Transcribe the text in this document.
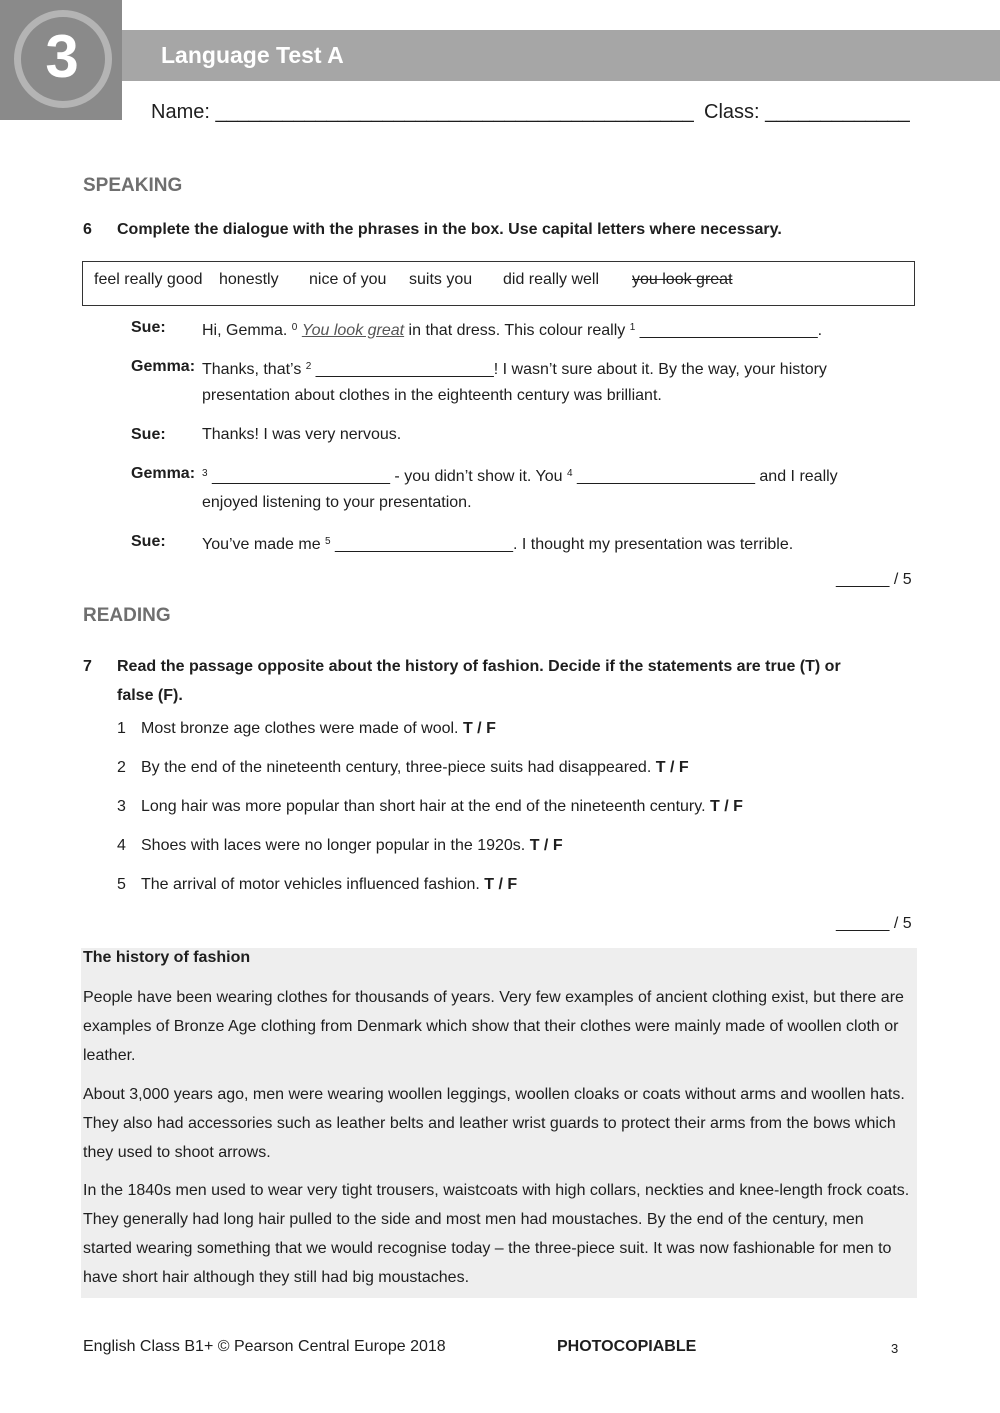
3	Language Test A
Name: ___________________________________________ Class: _____________
SPEAKING
6 Complete the dialogue with the phrases in the box. Use capital letters where necessary.
feel really good honestly nice of you suits you did really well you look great
Sue: Hi, Gemma. $^0$ You look great in that dress. This colour really $^1$ ____________________.
Gemma: Thanks, that’s $^2$ ____________________! I wasn’t sure about it. By the way, your history
presentation about clothes in the eighteenth century was brilliant.
Sue: Thanks! I was very nervous.
Gemma: $^3$ ____________________ - you didn’t show it. You $^4$ ____________________ and I really
enjoyed listening to your presentation.
Sue: You’ve made me $^5$ ____________________. I thought my presentation was terrible.
______ / 5
READING
7 Read the passage opposite about the history of fashion. Decide if the statements are true (T) or
false (F).
1 Most bronze age clothes were made of wool. T / F
2 By the end of the nineteenth century, three-piece suits had disappeared. T / F
3 Long hair was more popular than short hair at the end of the nineteenth century. T / F
4 Shoes with laces were no longer popular in the 1920s. T / F
5 The arrival of motor vehicles influenced fashion. T / F
______ / 5
The history of fashion
People have been wearing clothes for thousands of years. Very few examples of ancient clothing exist, but there are examples of Bronze Age clothing from Denmark which show that their clothes were mainly made of woollen cloth or leather.
About 3,000 years ago, men were wearing woollen leggings, woollen cloaks or coats without arms and woollen hats. They also had accessories such as leather belts and leather wrist guards to protect their arms from the bows which they used to shoot arrows.
In the 1840s men used to wear very tight trousers, waistcoats with high collars, neckties and knee-length frock coats. They generally had long hair pulled to the side and most men had moustaches. By the end of the century, men started wearing something that we would recognise today – the three-piece suit. It was now fashionable for men to have short hair although they still had big moustaches.
English Class B1+ © Pearson Central Europe 2018	PHOTOCOPIABLE	3
